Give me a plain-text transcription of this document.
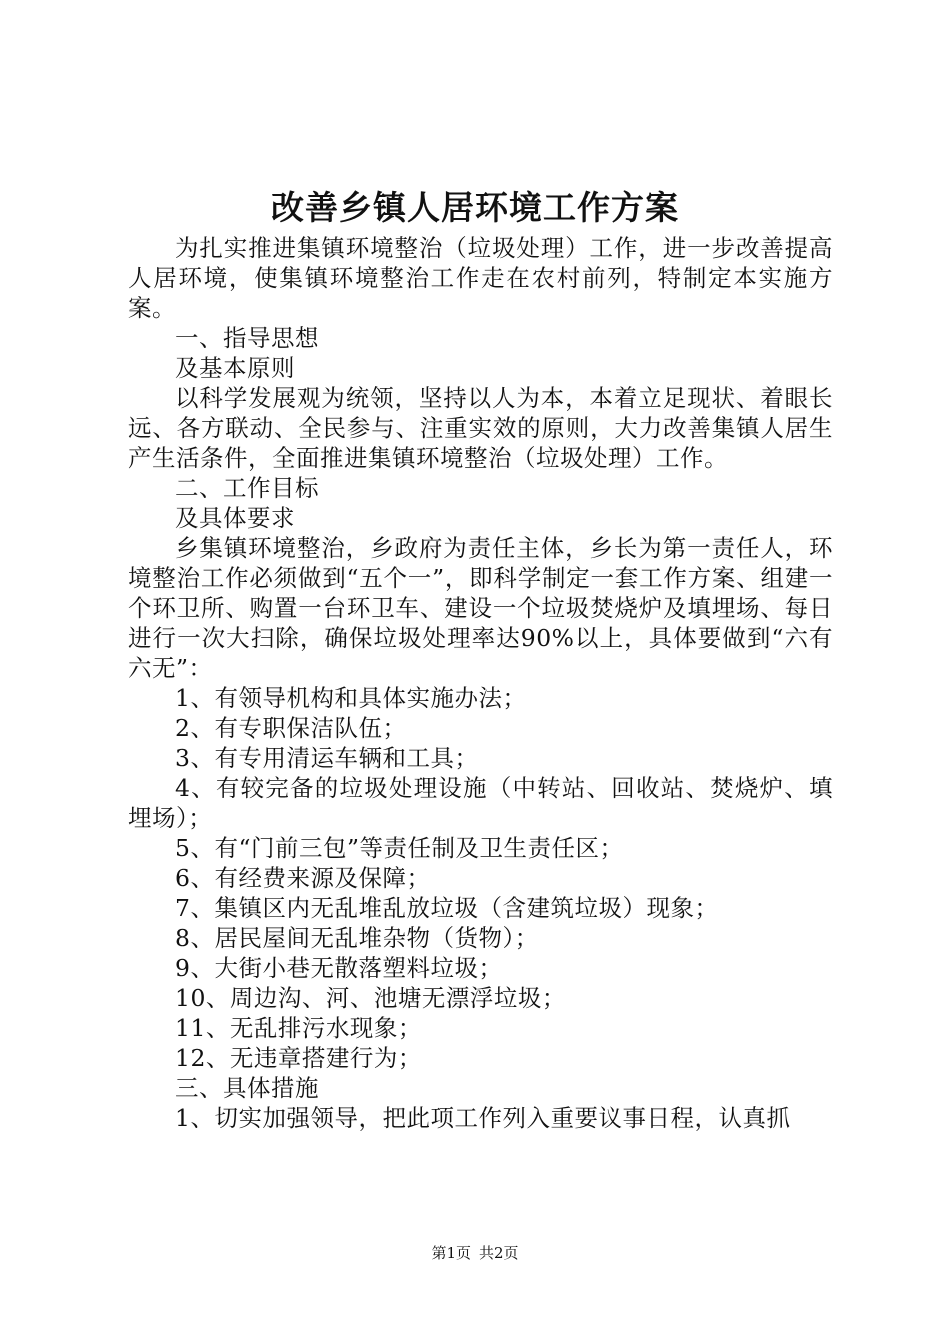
改善乡镇人居环境工作方案

为扎实推进集镇环境整治（垃圾处理）工作，进一步改善提高人居环境，使集镇环境整治工作走在农村前列，特制定本实施方案。

一、指导思想

及基本原则

以科学发展观为统领，坚持以人为本，本着立足现状、着眼长远、各方联动、全民参与、注重实效的原则，大力改善集镇人居生产生活条件，全面推进集镇环境整治（垃圾处理）工作。

二、工作目标

及具体要求

乡集镇环境整治，乡政府为责任主体，乡长为第一责任人，环境整治工作必须做到“五个一”，即科学制定一套工作方案、组建一个环卫所、购置一台环卫车、建设一个垃圾焚烧炉及填埋场、每日进行一次大扫除，确保垃圾处理率达90%以上，具体要做到“六有六无”：

1、有领导机构和具体实施办法；

2、有专职保洁队伍；

3、有专用清运车辆和工具；

4、有较完备的垃圾处理设施（中转站、回收站、焚烧炉、填埋场）；

5、有“门前三包”等责任制及卫生责任区；

6、有经费来源及保障；

7、集镇区内无乱堆乱放垃圾（含建筑垃圾）现象；

8、居民屋间无乱堆杂物（货物）；

9、大街小巷无散落塑料垃圾；

10、周边沟、河、池塘无漂浮垃圾；

11、无乱排污水现象；

12、无违章搭建行为；

三、具体措施

1、切实加强领导，把此项工作列入重要议事日程，认真抓

第1页 共2页
